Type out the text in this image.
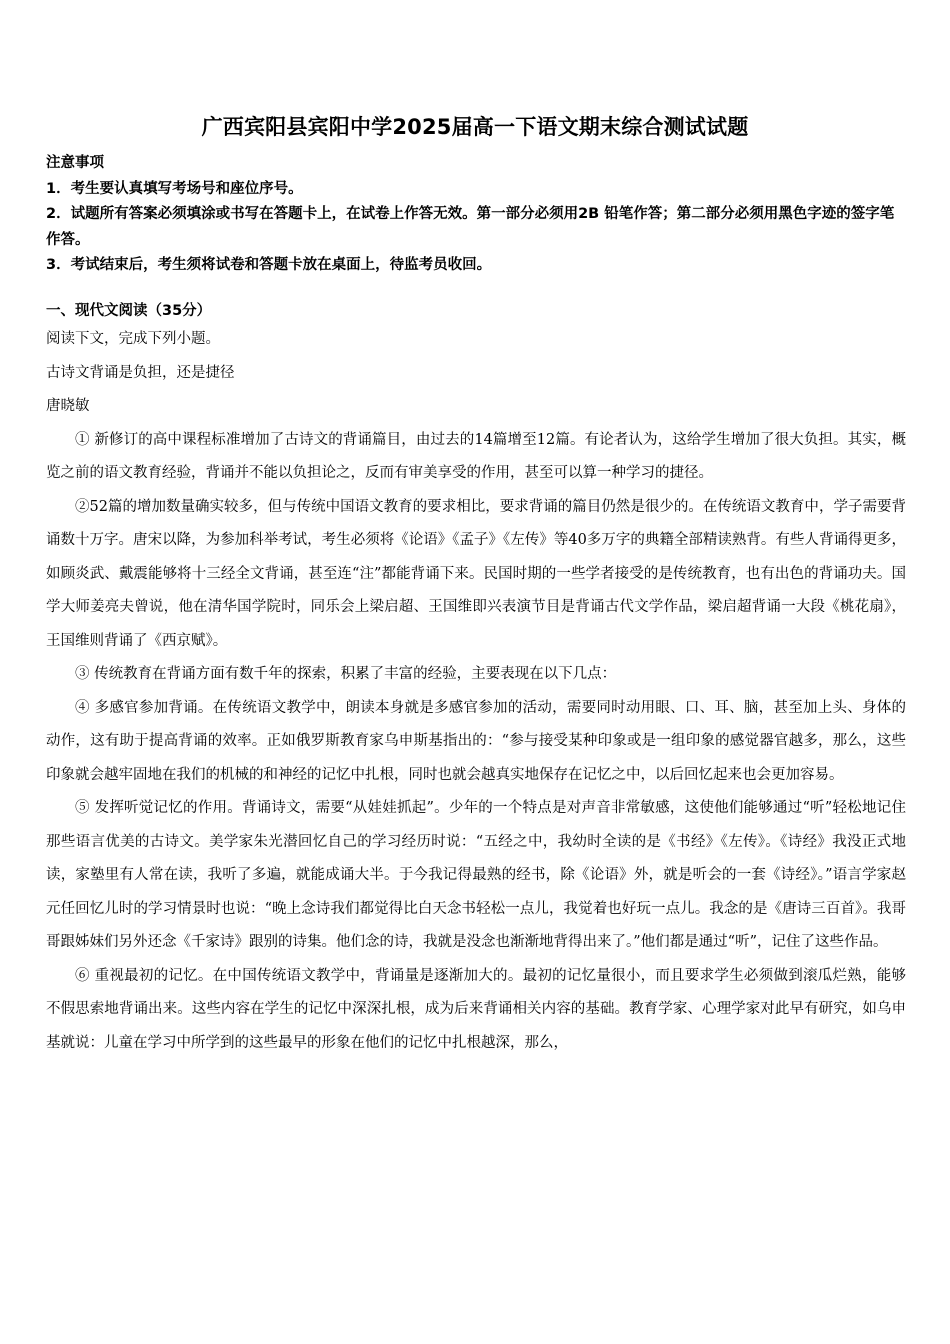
广西宾阳县宾阳中学2025届高一下语文期末综合测试试题
注意事项
1．考生要认真填写考场号和座位序号。
2．试题所有答案必须填涂或书写在答题卡上，在试卷上作答无效。第一部分必须用2B 铅笔作答；第二部分必须用黑色字迹的签字笔作答。
3．考试结束后，考生须将试卷和答题卡放在桌面上，待监考员收回。
一、现代文阅读（35分）
阅读下文，完成下列小题。
古诗文背诵是负担，还是捷径
唐晓敏

① 新修订的高中课程标准增加了古诗文的背诵篇目，由过去的14篇增至12篇。有论者认为，这给学生增加了很大负担。其实，概览之前的语文教育经验，背诵并不能以负担论之，反而有审美享受的作用，甚至可以算一种学习的捷径。

②52篇的增加数量确实较多，但与传统中国语文教育的要求相比，要求背诵的篇目仍然是很少的。在传统语文教育中，学子需要背诵数十万字。唐宋以降，为参加科举考试，考生必须将《论语》《孟子》《左传》等40多万字的典籍全部精读熟背。有些人背诵得更多，如顾炎武、戴震能够将十三经全文背诵，甚至连“注”都能背诵下来。民国时期的一些学者接受的是传统教育，也有出色的背诵功夫。国学大师姜亮夫曾说，他在清华国学院时，同乐会上梁启超、王国维即兴表演节目是背诵古代文学作品，梁启超背诵一大段《桃花扇》，王国维则背诵了《西京赋》。

③ 传统教育在背诵方面有数千年的探索，积累了丰富的经验，主要表现在以下几点：

④ 多感官参加背诵。在传统语文教学中，朗读本身就是多感官参加的活动，需要同时动用眼、口、耳、脑，甚至加上头、身体的动作，这有助于提高背诵的效率。正如俄罗斯教育家乌申斯基指出的：“参与接受某种印象或是一组印象的感觉器官越多，那么，这些印象就会越牢固地在我们的机械的和神经的记忆中扎根，同时也就会越真实地保存在记忆之中，以后回忆起来也会更加容易。

⑤ 发挥听觉记忆的作用。背诵诗文，需要“从娃娃抓起”。少年的一个特点是对声音非常敏感，这使他们能够通过“听”轻松地记住那些语言优美的古诗文。美学家朱光潜回忆自己的学习经历时说：“五经之中，我幼时全读的是《书经》《左传》。《诗经》我没正式地读，家塾里有人常在读，我听了多遍，就能成诵大半。于今我记得最熟的经书，除《论语》外，就是听会的一套《诗经》。”语言学家赵元任回忆儿时的学习情景时也说：“晚上念诗我们都觉得比白天念书轻松一点儿，我觉着也好玩一点儿。我念的是《唐诗三百首》。我哥哥跟姊妹们另外还念《千家诗》跟别的诗集。他们念的诗，我就是没念也渐渐地背得出来了。”他们都是通过“听”，记住了这些作品。

⑥ 重视最初的记忆。在中国传统语文教学中，背诵量是逐渐加大的。最初的记忆量很小，而且要求学生必须做到滚瓜烂熟，能够不假思索地背诵出来。这些内容在学生的记忆中深深扎根，成为后来背诵相关内容的基础。教育学家、心理学家对此早有研究，如乌申基就说：儿童在学习中所学到的这些最早的形象在他们的记忆中扎根越深，那么，
